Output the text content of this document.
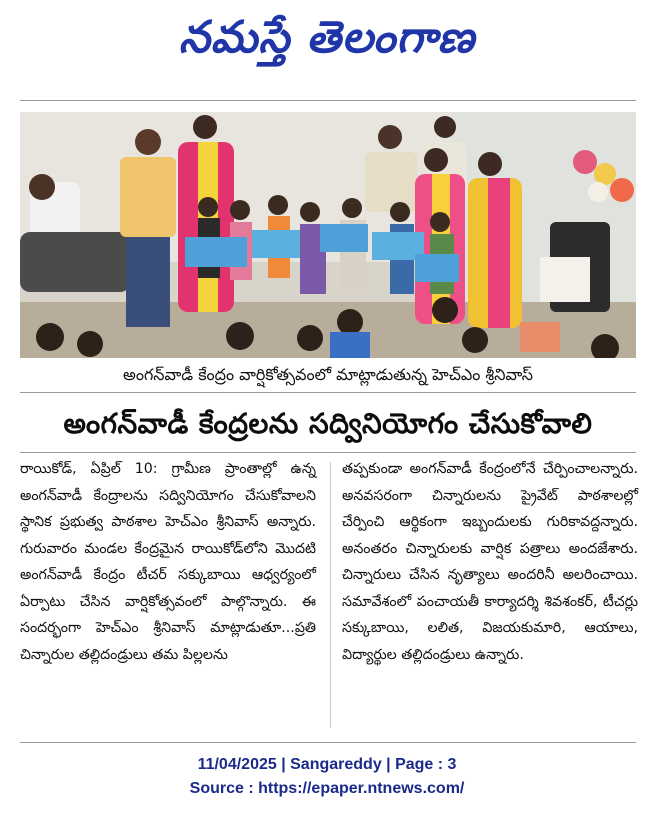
నమస్తే తెలంగాణ
అంగన్‌వాడీ కేంద్రం వార్షికోత్సవంలో మాట్లాడుతున్న హెచ్ఎం శ్రీనివాస్
అంగన్‌వాడీ కేంద్రలను సద్వినియోగం చేసుకోవాలి
రాయికోడ్, ఏప్రిల్ 10: గ్రామీణ ప్రాంతాల్లో ఉన్న అంగన్‌వాడీ కేంద్రాలను సద్వినియోగం చేసుకోవాలని స్థానిక ప్రభుత్వ పాఠశాల హెచ్ఎం శ్రీనివాస్ అన్నారు. గురువారం మండల కేంద్రమైన రాయికోడ్‌లోని మొదటి అంగన్‌వాడీ కేంద్రం టీచర్ సక్కుబాయి ఆధ్వర్యంలో ఏర్పాటు చేసిన వార్షికోత్సవంలో పాల్గొన్నారు. ఈ సందర్భంగా హెచ్ఎం శ్రీనివాస్ మాట్లాడుతూ...ప్రతి చిన్నారుల తల్లిదండ్రులు తమ పిల్లలను
తప్పకుండా అంగన్‌వాడీ కేంద్రంలోనే చేర్పించాలన్నారు. అనవసరంగా చిన్నారులను ప్రైవేట్ పాఠశాలల్లో చేర్పించి ఆర్థికంగా ఇబ్బందులకు గురికావద్దన్నారు. అనంతరం చిన్నారులకు వార్షిక పత్రాలు అందజేశారు. చిన్నారులు చేసిన నృత్యాలు అందరినీ అలరించాయి. సమావేశంలో పంచాయతీ కార్యాదర్శి శివశంకర్, టీచర్లు సక్కుబాయి, లలిత, విజయకుమారి, ఆయాలు, విద్యార్థుల తల్లిదండ్రులు ఉన్నారు.
11/04/2025 | Sangareddy | Page : 3
Source : https://epaper.ntnews.com/
